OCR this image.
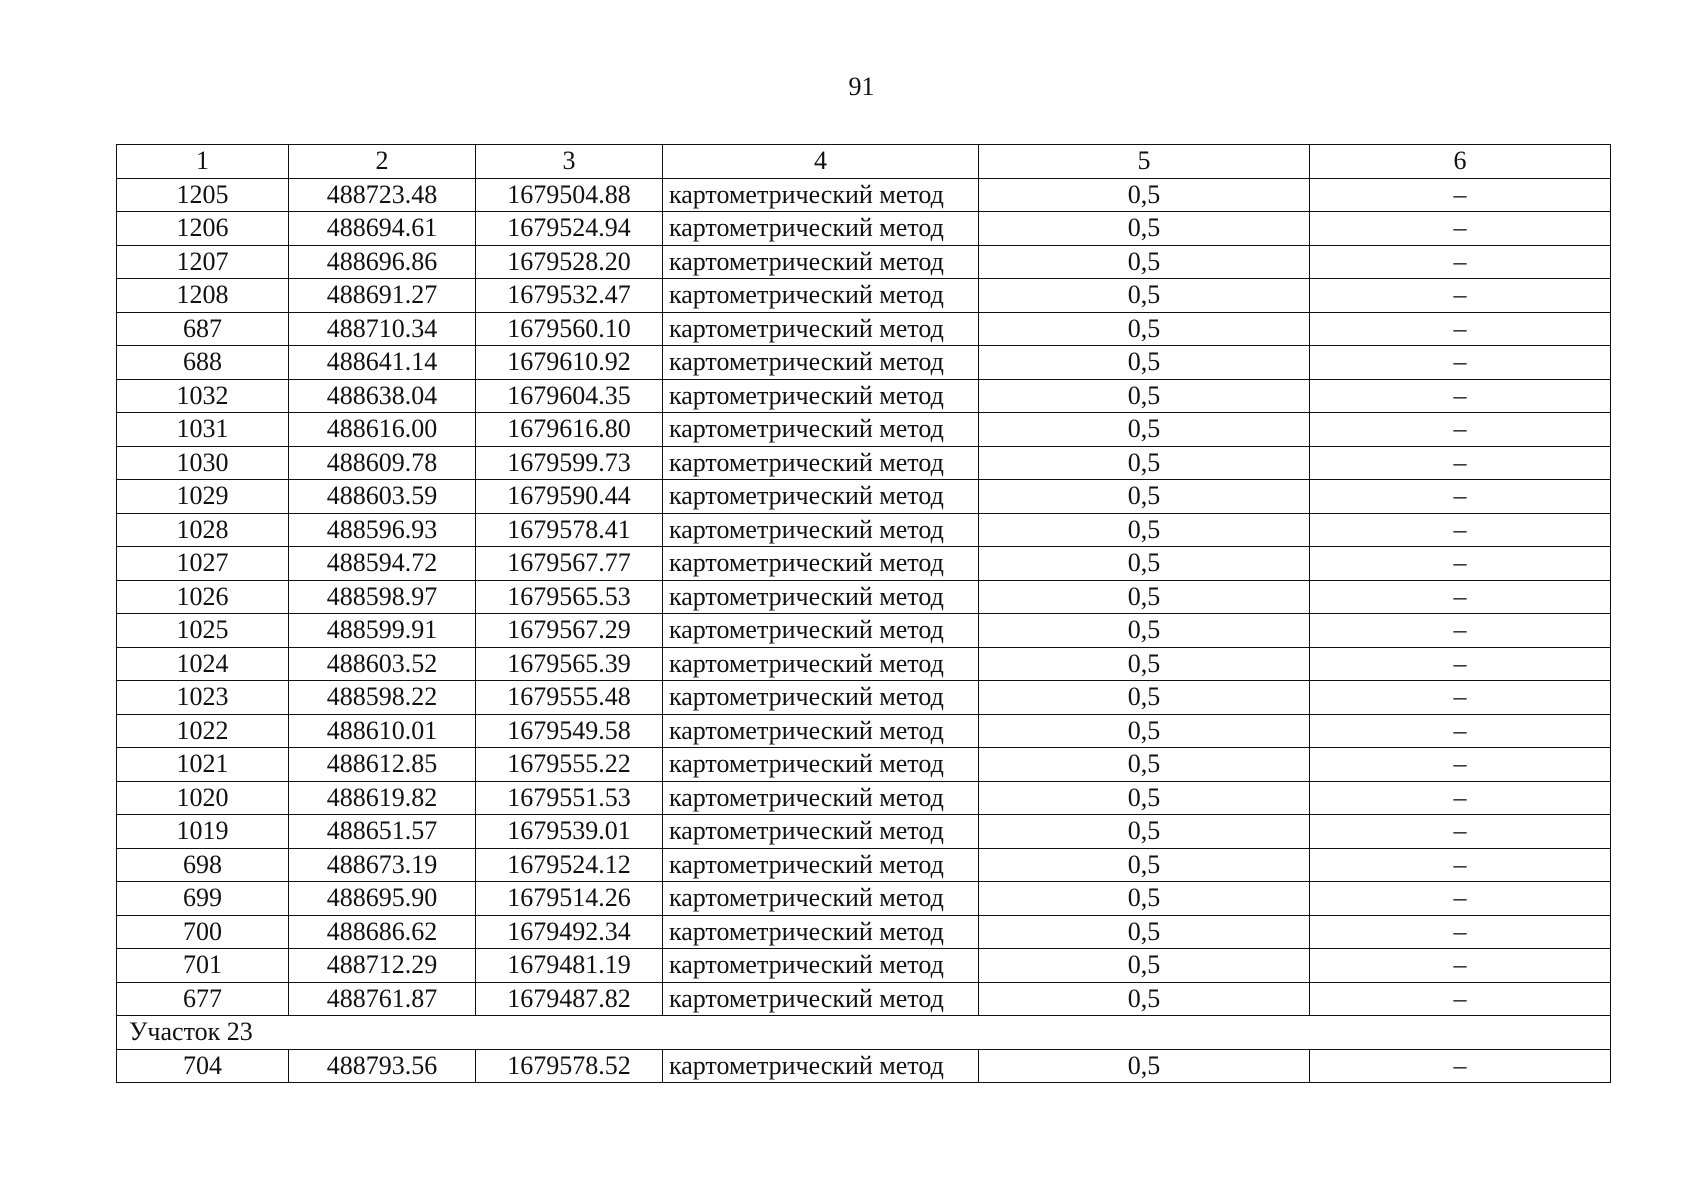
91
1	2	3	4	5	6
1205	488723.48	1679504.88	картометрический метод	0,5	–
1206	488694.61	1679524.94	картометрический метод	0,5	–
1207	488696.86	1679528.20	картометрический метод	0,5	–
1208	488691.27	1679532.47	картометрический метод	0,5	–
687	488710.34	1679560.10	картометрический метод	0,5	–
688	488641.14	1679610.92	картометрический метод	0,5	–
1032	488638.04	1679604.35	картометрический метод	0,5	–
1031	488616.00	1679616.80	картометрический метод	0,5	–
1030	488609.78	1679599.73	картометрический метод	0,5	–
1029	488603.59	1679590.44	картометрический метод	0,5	–
1028	488596.93	1679578.41	картометрический метод	0,5	–
1027	488594.72	1679567.77	картометрический метод	0,5	–
1026	488598.97	1679565.53	картометрический метод	0,5	–
1025	488599.91	1679567.29	картометрический метод	0,5	–
1024	488603.52	1679565.39	картометрический метод	0,5	–
1023	488598.22	1679555.48	картометрический метод	0,5	–
1022	488610.01	1679549.58	картометрический метод	0,5	–
1021	488612.85	1679555.22	картометрический метод	0,5	–
1020	488619.82	1679551.53	картометрический метод	0,5	–
1019	488651.57	1679539.01	картометрический метод	0,5	–
698	488673.19	1679524.12	картометрический метод	0,5	–
699	488695.90	1679514.26	картометрический метод	0,5	–
700	488686.62	1679492.34	картометрический метод	0,5	–
701	488712.29	1679481.19	картометрический метод	0,5	–
677	488761.87	1679487.82	картометрический метод	0,5	–
Участок 23					
704	488793.56	1679578.52	картометрический метод	0,5	–
